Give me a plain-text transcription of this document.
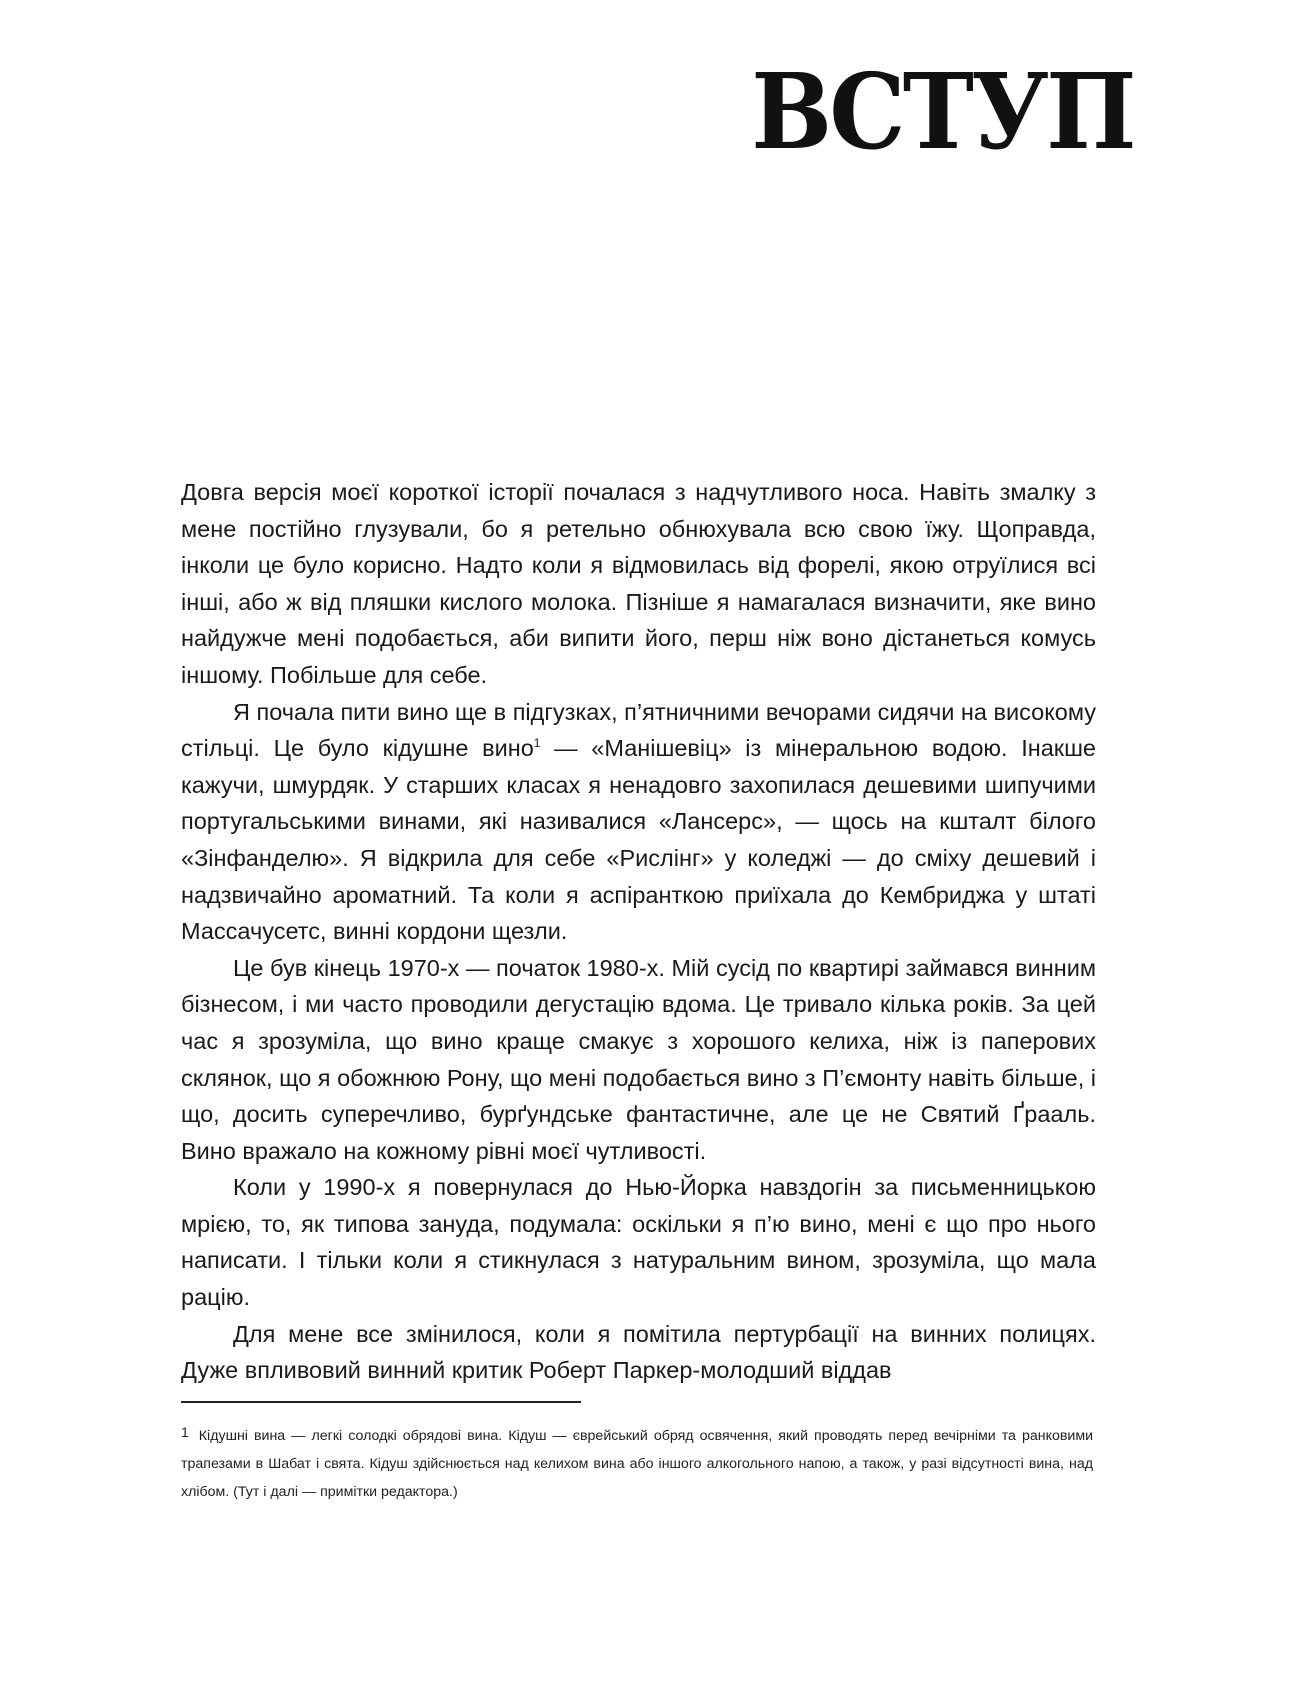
ВСТУП

Довга версія моєї короткої історії почалася з надчутливого носа. Навіть змалку з мене постійно глузували, бо я ретельно обнюхувала всю свою їжу. Щоправда, інколи це було корисно. Надто коли я відмовилась від форелі, якою отруїлися всі інші, або ж від пляшки кислого молока. Пізніше я намагалася визначити, яке вино найдужче мені подобається, аби випити його, перш ніж воно дістанеться комусь іншому. Побільше для себе.

Я почала пити вино ще в підгузках, п’ятничними вечорами сидячи на високому стільці. Це було кідушне вино$^1$ — «Манішевіц» із мінеральною водою. Інакше кажучи, шмурдяк. У старших класах я ненадовго захопилася дешевими шипучими португальськими винами, які називалися «Лансерс», — щось на кшталт білого «Зінфанделю». Я відкрила для себе «Рислінг» у коледжі — до сміху дешевий і надзвичайно ароматний. Та коли я аспіранткою приїхала до Кембриджа у штаті Массачусетс, винні кордони щезли.

Це був кінець 1970-х — початок 1980-х. Мій сусід по квартирі займався винним бізнесом, і ми часто проводили дегустацію вдома. Це тривало кілька років. За цей час я зрозуміла, що вино краще смакує з хорошого келиха, ніж із паперових склянок, що я обожнюю Рону, що мені подобається вино з П’ємонту навіть більше, і що, досить суперечливо, бурґундське фантастичне, але це не Святий Ґрааль. Вино вражало на кожному рівні моєї чутливості.

Коли у 1990-х я повернулася до Нью-Йорка навздогін за письменницькою мрією, то, як типова зануда, подумала: оскільки я п’ю вино, мені є що про нього написати. І тільки коли я стикнулася з натуральним вином, зрозуміла, що мала рацію.

Для мене все змінилося, коли я помітила пертурбації на винних полицях. Дуже впливовий винний критик Роберт Паркер-молодший віддав

1 Кідушні вина — легкі солодкі обрядові вина. Кідуш — єврейський обряд освячення, який проводять перед вечірніми та ранковими трапезами в Шабат і свята. Кідуш здійснюється над келихом вина або іншого алкогольного напою, а також, у разі відсутності вина, над хлібом. (Тут і далі — примітки редактора.)
